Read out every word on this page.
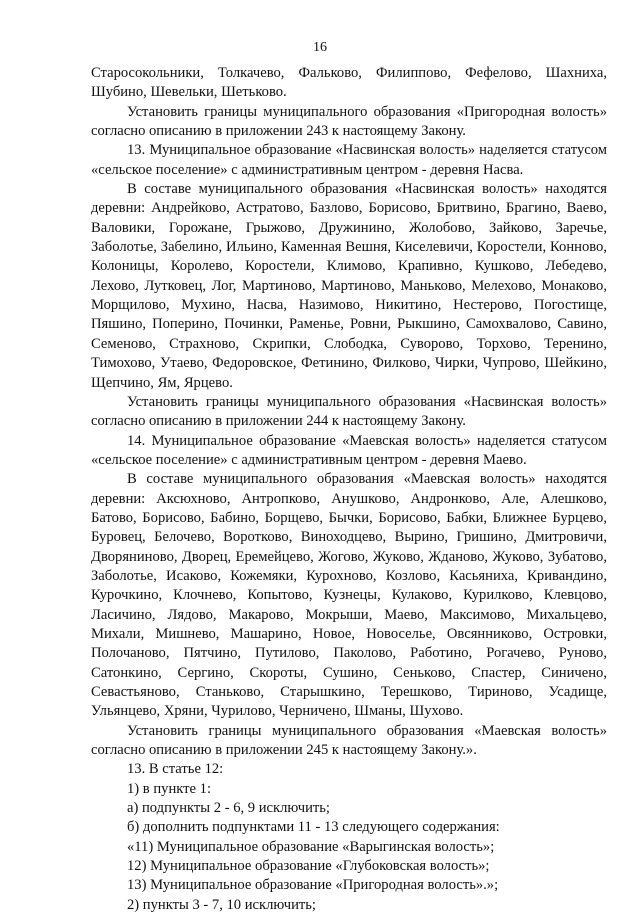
16

Старосокольники, Толкачево, Фальково, Филиппово, Фефелово, Шахниха, Шубино, Шевельки, Шетьково.

Установить границы муниципального образования «Пригородная волость» согласно описанию в приложении 243 к настоящему Закону.

13. Муниципальное образование «Насвинская волость» наделяется статусом «сельское поселение» с административным центром - деревня Насва.

В составе муниципального образования «Насвинская волость» находятся деревни: Андрейково, Астратово, Базлово, Борисово, Бритвино, Брагино, Ваево, Валовики, Горожане, Грыжово, Дружинино, Жолобово, Зайково, Заречье, Заболотье, Забелино, Ильино, Каменная Вешня, Киселевичи, Коростели, Конново, Колоницы, Королево, Коростели, Климово, Крапивно, Кушково, Лебедево, Лехово, Лутковец, Лог, Мартиново, Мартиново, Маньково, Мелехово, Монаково, Морщилово, Мухино, Насва, Назимово, Никитино, Нестерово, Погостище, Пяшино, Поперино, Починки, Раменье, Ровни, Рыкшино, Самохвалово, Савино, Семеново, Страхново, Скрипки, Слободка, Суворово, Торхово, Теренино, Тимохово, Утаево, Федоровское, Фетинино, Филково, Чирки, Чупрово, Шейкино, Щепчино, Ям, Ярцево.

Установить границы муниципального образования «Насвинская волость» согласно описанию в приложении 244 к настоящему Закону.

14. Муниципальное образование «Маевская волость» наделяется статусом «сельское поселение» с административным центром - деревня Маево.

В составе муниципального образования «Маевская волость» находятся деревни: Аксюхново, Антропково, Анушково, Андронково, Але, Алешково, Батово, Борисово, Бабино, Борщево, Бычки, Борисово, Бабки, Ближнее Бурцево, Буровец, Белочево, Воротково, Виноходцево, Вырино, Гришино, Дмитровичи, Дворяниново, Дворец, Еремейцево, Жогово, Жуково, Жданово, Жуково, Зубатово, Заболотье, Исаково, Кожемяки, Курохново, Козлово, Касьяниха, Кривандино, Курочкино, Клочнево, Копытово, Кузнецы, Кулаково, Курилково, Клевцово, Ласичино, Лядово, Макарово, Мокрыши, Маево, Максимово, Михальцево, Михали, Мишнево, Машарино, Новое, Новоселье, Овсянниково, Островки, Полочаново, Пятчино, Путилово, Паколово, Работино, Рогачево, Руново, Сатонкино, Сергино, Скороты, Сушино, Сеньково, Спастер, Синичено, Севастьяново, Станьково, Старышкино, Терешково, Тириново, Усадище, Ульянцево, Хряни, Чурилово, Черничено, Шманы, Шухово.

Установить границы муниципального образования «Маевская волость» согласно описанию в приложении 245 к настоящему Закону.».

13. В статье 12:

1) в пункте 1:

а) подпункты 2 - 6, 9 исключить;

б) дополнить подпунктами 11 - 13 следующего содержания:

«11) Муниципальное образование «Варыгинская волость»;

12) Муниципальное образование «Глубоковская волость»;

13) Муниципальное образование «Пригородная волость».»;

2) пункты 3 - 7, 10 исключить;
